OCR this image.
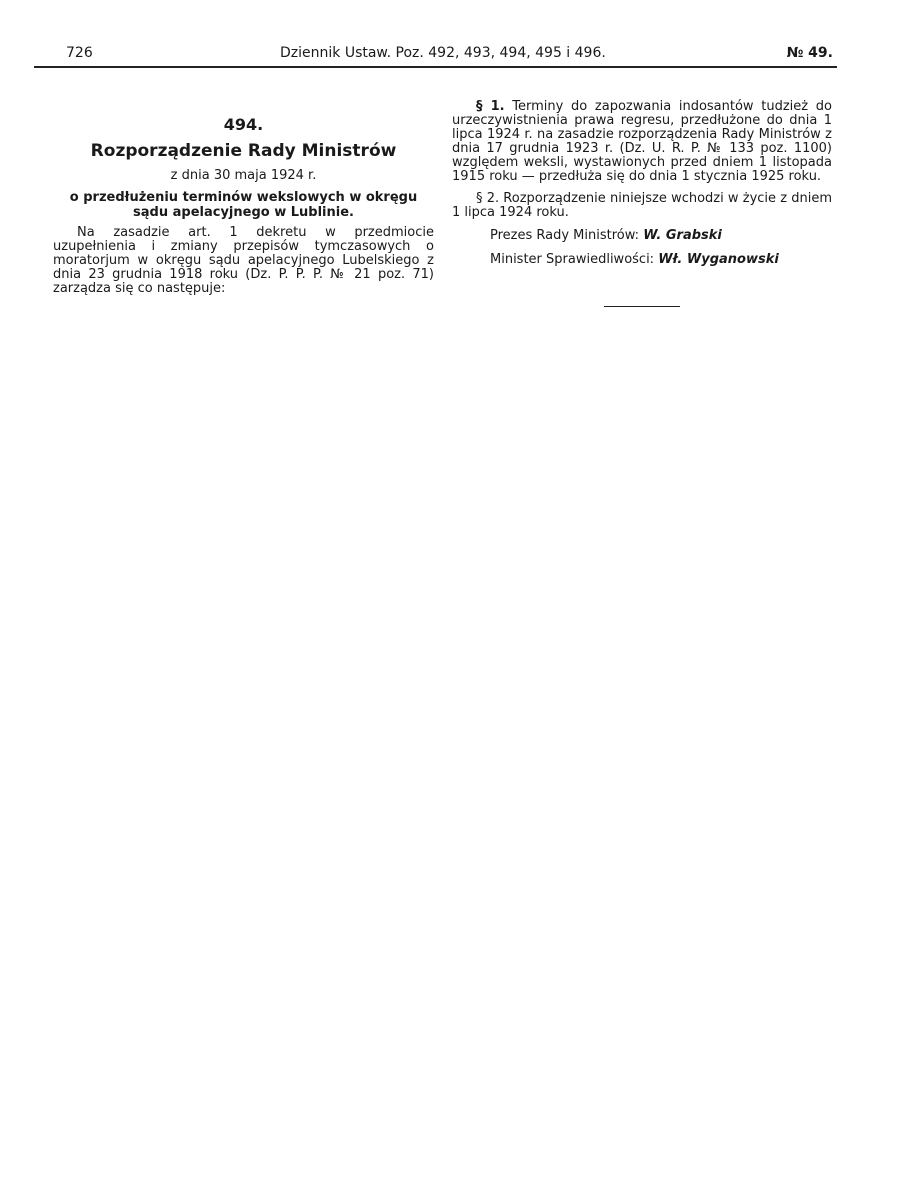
726	Dziennik Ustaw. Poz. 492, 493, 494, 495 i 496.	№ 49.
494.
Rozporządzenie Rady Ministrów
z dnia 30 maja 1924 r.
o przedłużeniu terminów wekslowych w okręgu sądu apelacyjnego w Lublinie.

Na zasadzie art. 1 dekretu w przedmiocie uzupełnienia i zmiany przepisów tymczasowych o moratorjum w okręgu sądu apelacyjnego Lubelskiego z dnia 23 grudnia 1918 roku (Dz. P. P. P. № 21 poz. 71) zarządza się co następuje:

§ 1. Terminy do zapozwania indosantów tudzież do urzeczywistnienia prawa regresu, przedłużone do dnia 1 lipca 1924 r. na zasadzie rozporządzenia Rady Ministrów z dnia 17 grudnia 1923 r. (Dz. U. R. P. № 133 poz. 1100) względem weksli, wystawionych przed dniem 1 listopada 1915 roku — przedłuża się do dnia 1 stycznia 1925 roku.

§ 2. Rozporządzenie niniejsze wchodzi w życie z dniem 1 lipca 1924 roku.

Prezes Rady Ministrów: W. Grabski
Minister Sprawiedliwości: Wł. Wyganowski
